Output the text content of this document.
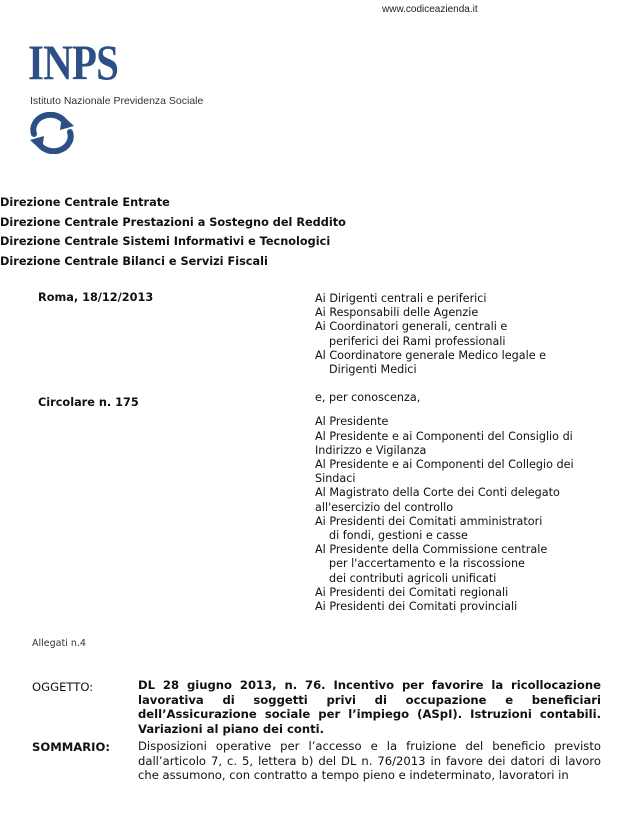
www.codiceazienda.it
INPS
Istituto Nazionale Previdenza Sociale
Direzione Centrale Entrate
Direzione Centrale Prestazioni a Sostegno del Reddito
Direzione Centrale Sistemi Informativi e Tecnologici
Direzione Centrale Bilanci e Servizi Fiscali
Roma, 18/12/2013
Circolare n. 175
Ai Dirigenti centrali e periferici
Ai Responsabili delle Agenzie
Ai Coordinatori generali, centrali e
periferici dei Rami professionali
Al Coordinatore generale Medico legale e
Dirigenti Medici
e, per conoscenza,
Al Presidente
Al Presidente e ai Componenti del Consiglio di
Indirizzo e Vigilanza
Al Presidente e ai Componenti del Collegio dei
Sindaci
Al Magistrato della Corte dei Conti delegato
all'esercizio del controllo
Ai Presidenti dei Comitati amministratori
di fondi, gestioni e casse
Al Presidente della Commissione centrale
per l'accertamento e la riscossione
dei contributi agricoli unificati
Ai Presidenti dei Comitati regionali
Ai Presidenti dei Comitati provinciali
Allegati n.4
OGGETTO:	DL 28 giugno 2013, n. 76. Incentivo per favorire la ricollocazione lavorativa di soggetti privi di occupazione e beneficiari dell’Assicurazione sociale per l’impiego (ASpI). Istruzioni contabili. Variazioni al piano dei conti.
SOMMARIO: Disposizioni operative per l’accesso e la fruizione del beneficio previsto dall’articolo 7, c. 5, lettera b) del DL n. 76/2013 in favore dei datori di lavoro che assumono, con contratto a tempo pieno e indeterminato, lavoratori in
